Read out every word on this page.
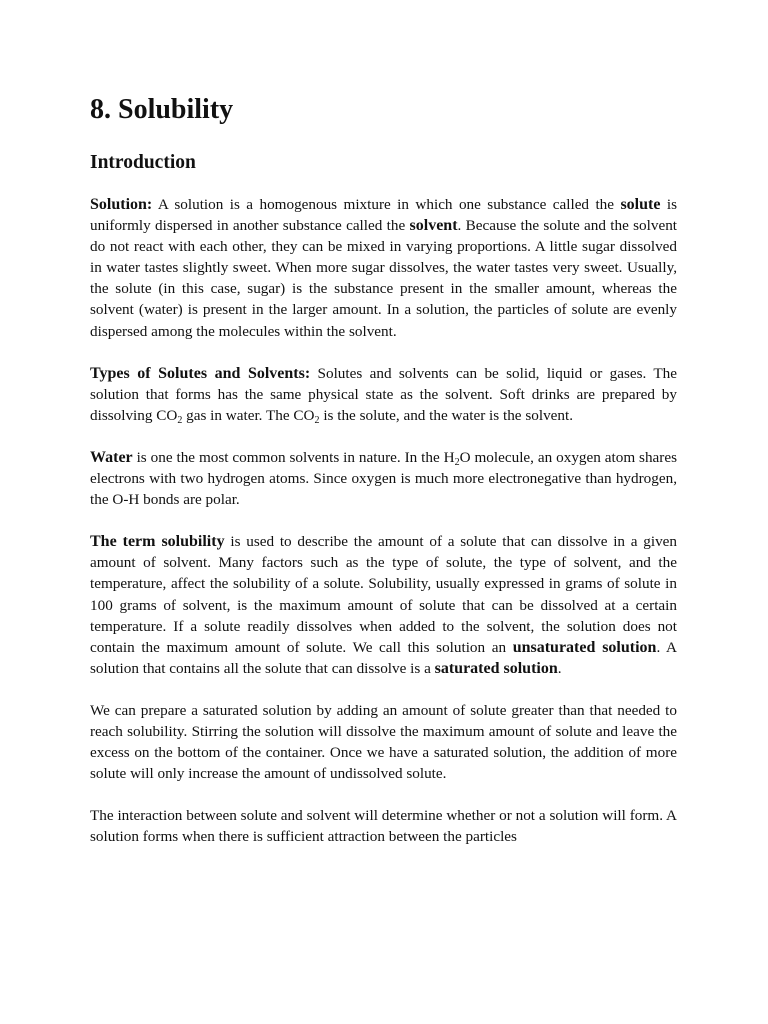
8. Solubility
Introduction

Solution: A solution is a homogenous mixture in which one substance called the solute is uniformly dispersed in another substance called the solvent. Because the solute and the solvent do not react with each other, they can be mixed in varying proportions. A little sugar dissolved in water tastes slightly sweet. When more sugar dissolves, the water tastes very sweet. Usually, the solute (in this case, sugar) is the substance present in the smaller amount, whereas the solvent (water) is present in the larger amount. In a solution, the particles of solute are evenly dispersed among the molecules within the solvent.

Types of Solutes and Solvents: Solutes and solvents can be solid, liquid or gases. The solution that forms has the same physical state as the solvent. Soft drinks are prepared by dissolving $CO_2$ gas in water. The $CO_2$ is the solute, and the water is the solvent.

Water is one the most common solvents in nature. In the $H_2O$ molecule, an oxygen atom shares electrons with two hydrogen atoms. Since oxygen is much more electronegative than hydrogen, the O-H bonds are polar.

The term solubility is used to describe the amount of a solute that can dissolve in a given amount of solvent. Many factors such as the type of solute, the type of solvent, and the temperature, affect the solubility of a solute. Solubility, usually expressed in grams of solute in 100 grams of solvent, is the maximum amount of solute that can be dissolved at a certain temperature. If a solute readily dissolves when added to the solvent, the solution does not contain the maximum amount of solute. We call this solution an unsaturated solution. A solution that contains all the solute that can dissolve is a saturated solution.

We can prepare a saturated solution by adding an amount of solute greater than that needed to reach solubility. Stirring the solution will dissolve the maximum amount of solute and leave the excess on the bottom of the container. Once we have a saturated solution, the addition of more solute will only increase the amount of undissolved solute.

The interaction between solute and solvent will determine whether or not a solution will form. A solution forms when there is sufficient attraction between the particles
